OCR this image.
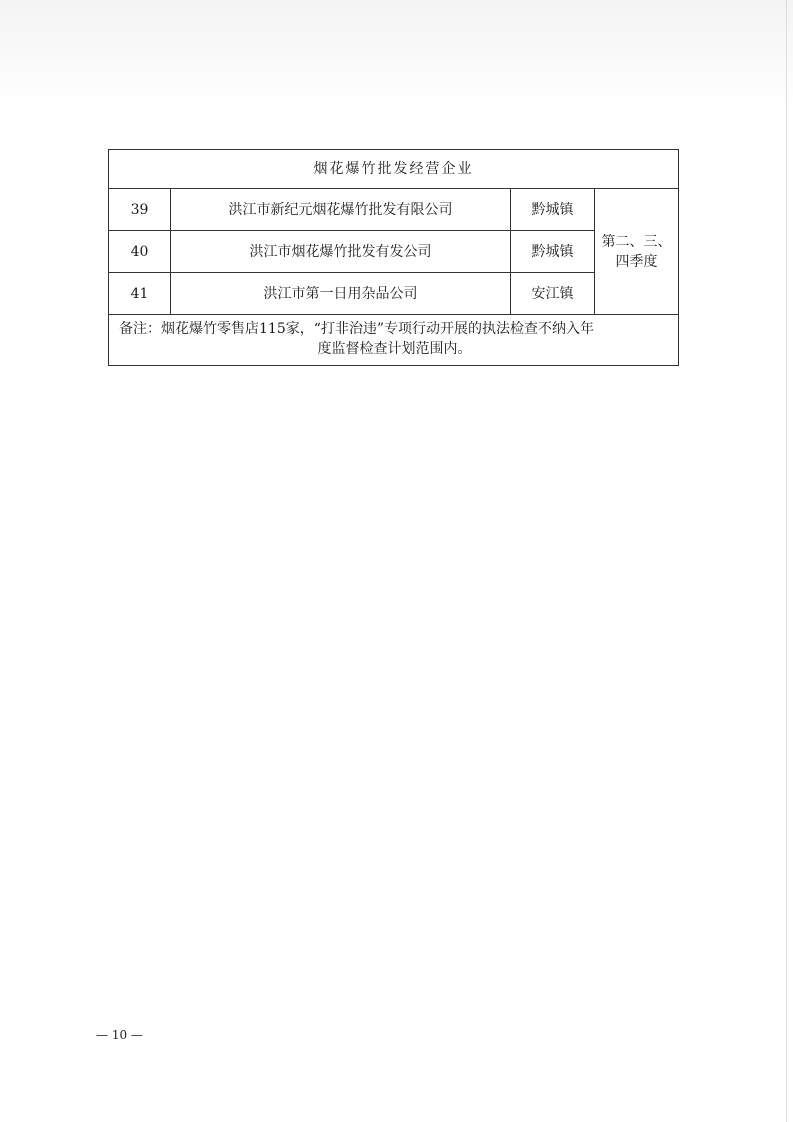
烟花爆竹批发经营企业			
39	洪江市新纪元烟花爆竹批发有限公司	黔城镇	第二、三、
四季度
40	洪江市烟花爆竹批发有发公司	黔城镇	
41	洪江市第一日用杂品公司	安江镇	
备注：烟花爆竹零售店115家，“打非治违”专项行动开展的执法检查不纳入年
度监督检查计划范围内。			
— 10 —
